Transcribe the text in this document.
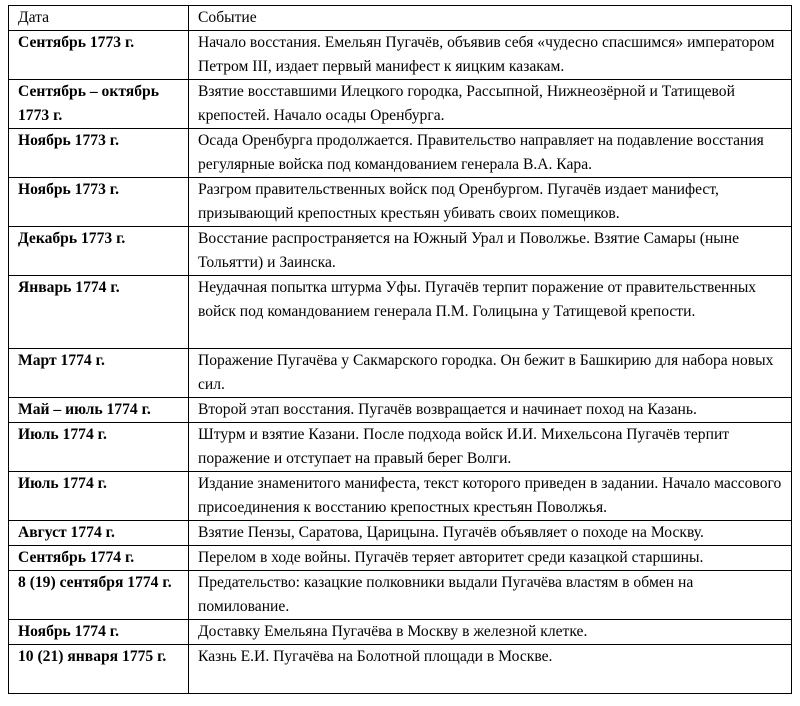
Дата	Событие
Сентябрь 1773 г.	Начало восстания. Емельян Пугачёв, объявив себя «чудесно спасшимся» императором Петром III, издает первый манифест к яицким казакам.
Сентябрь – октябрь 1773 г.	Взятие восставшими Илецкого городка, Рассыпной, Нижнеозёрной и Татищевой крепостей. Начало осады Оренбурга.
Ноябрь 1773 г.	Осада Оренбурга продолжается. Правительство направляет на подавление восстания регулярные войска под командованием генерала В.А. Кара.
Ноябрь 1773 г.	Разгром правительственных войск под Оренбургом. Пугачёв издает манифест, призывающий крепостных крестьян убивать своих помещиков.
Декабрь 1773 г.	Восстание распространяется на Южный Урал и Поволжье. Взятие Самары (ныне Тольятти) и Заинска.
Январь 1774 г.	Неудачная попытка штурма Уфы. Пугачёв терпит поражение от правительственных войск под командованием генерала П.М. Голицына у Татищевой крепости.
Март 1774 г.	Поражение Пугачёва у Сакмарского городка. Он бежит в Башкирию для набора новых сил.
Май – июль 1774 г.	Второй этап восстания. Пугачёв возвращается и начинает поход на Казань.
Июль 1774 г.	Штурм и взятие Казани. После подхода войск И.И. Михельсона Пугачёв терпит поражение и отступает на правый берег Волги.
Июль 1774 г.	Издание знаменитого манифеста, текст которого приведен в задании. Начало массового присоединения к восстанию крепостных крестьян Поволжья.
Август 1774 г.	Взятие Пензы, Саратова, Царицына. Пугачёв объявляет о походе на Москву.
Сентябрь 1774 г.	Перелом в ходе войны. Пугачёв теряет авторитет среди казацкой старшины.
8 (19) сентября 1774 г.	Предательство: казацкие полковники выдали Пугачёва властям в обмен на помилование.
Ноябрь 1774 г.	Доставку Емельяна Пугачёва в Москву в железной клетке.
10 (21) января 1775 г.	Казнь Е.И. Пугачёва на Болотной площади в Москве.
